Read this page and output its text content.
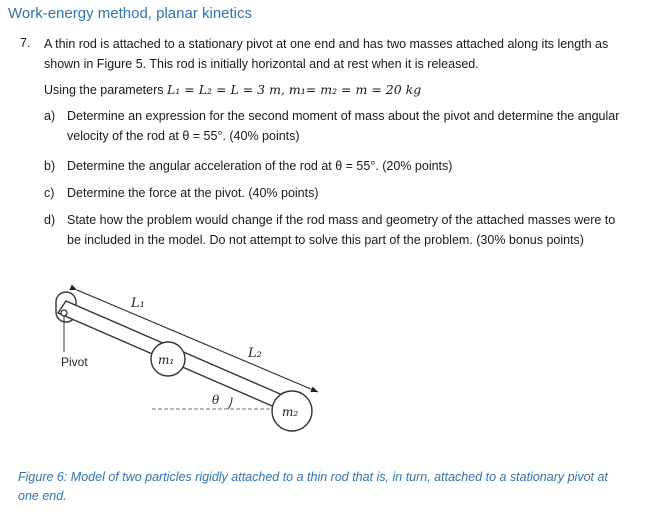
Work-energy method, planar kinetics
7. A thin rod is attached to a stationary pivot at one end and has two masses attached along its length as shown in Figure 5. This rod is initially horizontal and at rest when it is released.
Using the parameters L₁ = L₂ = L = 3 m, m₁= m₂ = m = 20 kg
a) Determine an expression for the second moment of mass about the pivot and determine the angular velocity of the rod at θ = 55°. (40% points)
b) Determine the angular acceleration of the rod at θ = 55°. (20% points)
c) Determine the force at the pivot. (40% points)
d) State how the problem would change if the rod mass and geometry of the attached masses were to be included in the model. Do not attempt to solve this part of the problem. (30% bonus points)
L₁
L₂
m₁
m₂
θ
Pivot
Figure 6: Model of two particles rigidly attached to a thin rod that is, in turn, attached to a stationary pivot at one end.
